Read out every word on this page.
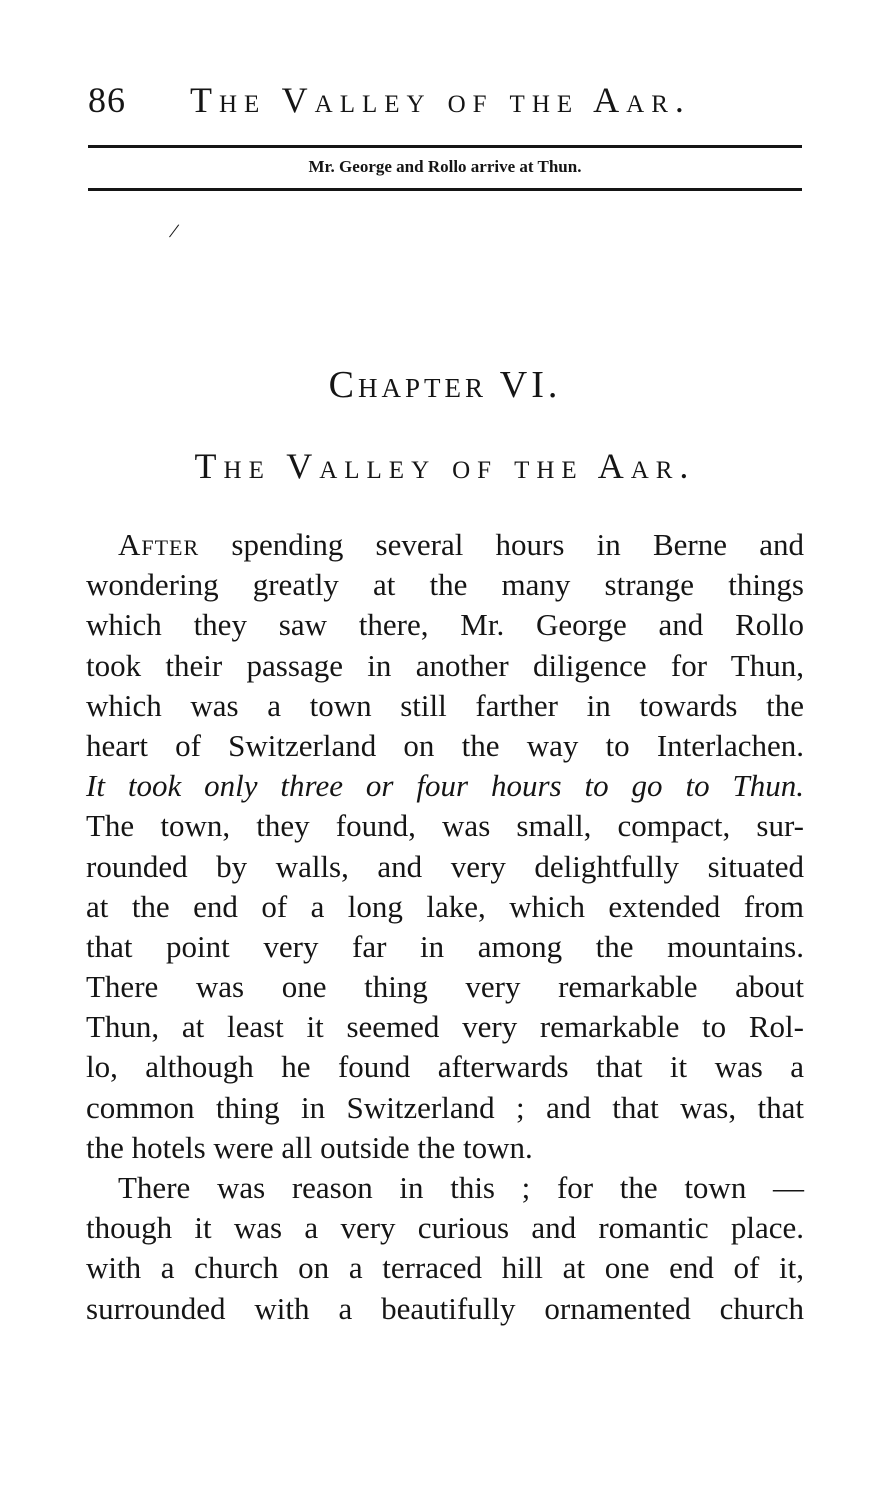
86 The Valley of the Aar.
Mr. George and Rollo arrive at Thun.
/
Chapter VI.
The Valley of the Aar.
After spending several hours in Berne and
wondering greatly at the many strange things
which they saw there, Mr. George and Rollo
took their passage in another diligence for Thun,
which was a town still farther in towards the
heart of Switzerland on the way to Interlachen.
It took only three or four hours to go to Thun.
The town, they found, was small, compact, sur-
rounded by walls, and very delightfully situated
at the end of a long lake, which extended from
that point very far in among the mountains.
There was one thing very remarkable about
Thun, at least it seemed very remarkable to Rol-
lo, although he found afterwards that it was a
common thing in Switzerland ; and that was, that
the hotels were all outside the town.
There was reason in this ; for the town —
though it was a very curious and romantic place.
with a church on a terraced hill at one end of it,
surrounded with a beautifully ornamented church
